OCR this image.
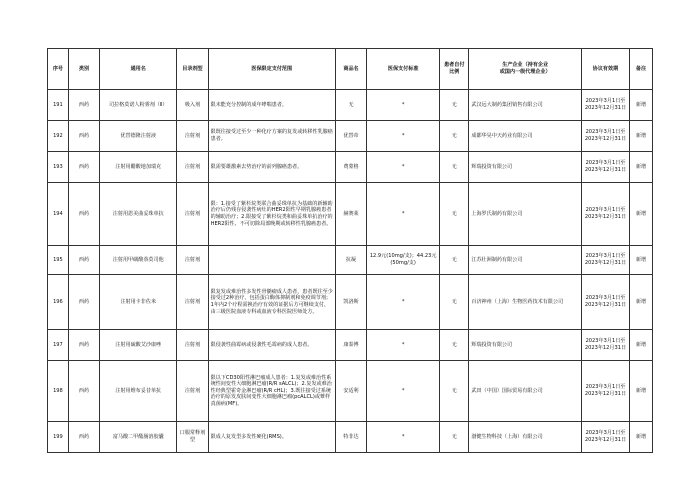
序号	类别	通用名	目录剂型	医保限定支付范围	商品名	医保支付标准	患者自付比例	生产企业（持有企业
或国内一级代理企业）	协议有效期	备注
191	西药	司拉格莫诺人粉雾剂（Ⅱ）	吸入剂	限未能充分控制的成年哮喘患者。	无	*	无	武汉远大制药集团销售有限公司	2023年3月1日至
2023年12月31日	新增
192	西药	优替德隆注射液	注射剂	限既往接受过至少一种化疗方案的复发或转移性乳腺癌患者。	优替帝	*	无	成都华昊中天药业有限公司	2023年3月1日至
2023年12月31日	新增
193	西药	注射用醋酸地加瑞克	注射剂	限需要雄激素去势治疗的前列腺癌患者。	费蒙格	*	无	辉瑞投资有限公司	2023年3月1日至
2023年12月31日	新增
194	西药	注射用恩美曲妥珠单抗	注射剂	限：1.接受了紫杉烷类联合曲妥珠单抗为基础的新辅助治疗后仍残存侵袭性病灶的HER2阳性早期乳腺癌患者的辅助治疗；2.限接受了紫杉烷类和曲妥珠单抗治疗的HER2阳性、不可切除局部晚期或转移性乳腺癌患者。	赫赛莱	*	无	上海罗氏制药有限公司	2023年3月1日至
2023年12月31日	新增
195	西药	注射用甲磺酸萘莫司他	注射剂		抗凝	12.9元(10mg/支)；44.23元(50mg/支)	无	江苏壮洲制药有限公司	2023年3月1日至
2023年12月31日	新增
196	西药	注射用卡非佐米	注射剂	限复发或难治性多发性骨髓瘤成人患者，患者既往至少接受过2种治疗，包括蛋白酶体抑制剂和免疫调节剂；1年内2个疗程需换治疗有效的证据后方可继续支付，由三级医院血液专科或血液专科医院医师处方。	凯洛斯	*	无	百济神州（上海）生物医药技术有限公司	2023年3月1日至
2023年12月31日	新增
197	西药	注射用硫酸艾沙康唑	注射剂	限侵袭性曲霉病或侵袭性毛霉病的成人患者。	康泰博	*	无	辉瑞投资有限公司	2023年3月1日至
2023年12月31日	新增
198	西药	注射用维布妥昔单抗	注射剂	限以下CD30阳性淋巴瘤成人患者：1.复发或难治性系统性间变性大细胞淋巴瘤(R/R sALCL)；2.复发或难治性经典型霍奇金淋巴瘤(R/R cHL)；3.既往接受过系统治疗的原发皮肤间变性大细胞淋巴瘤(pcALCL)或蕈样真菌病(MF)。	安适利	*	无	武田（中国）国际贸易有限公司	2023年3月1日至
2023年12月31日	新增
199	西药	富马酸二甲酯肠溶胶囊	口服常释剂型	限成人复发型多发性硬化(RMS)。	特非达	*	无	渤健生物科技（上海）有限公司	2023年3月1日至
2023年12月31日	新增
